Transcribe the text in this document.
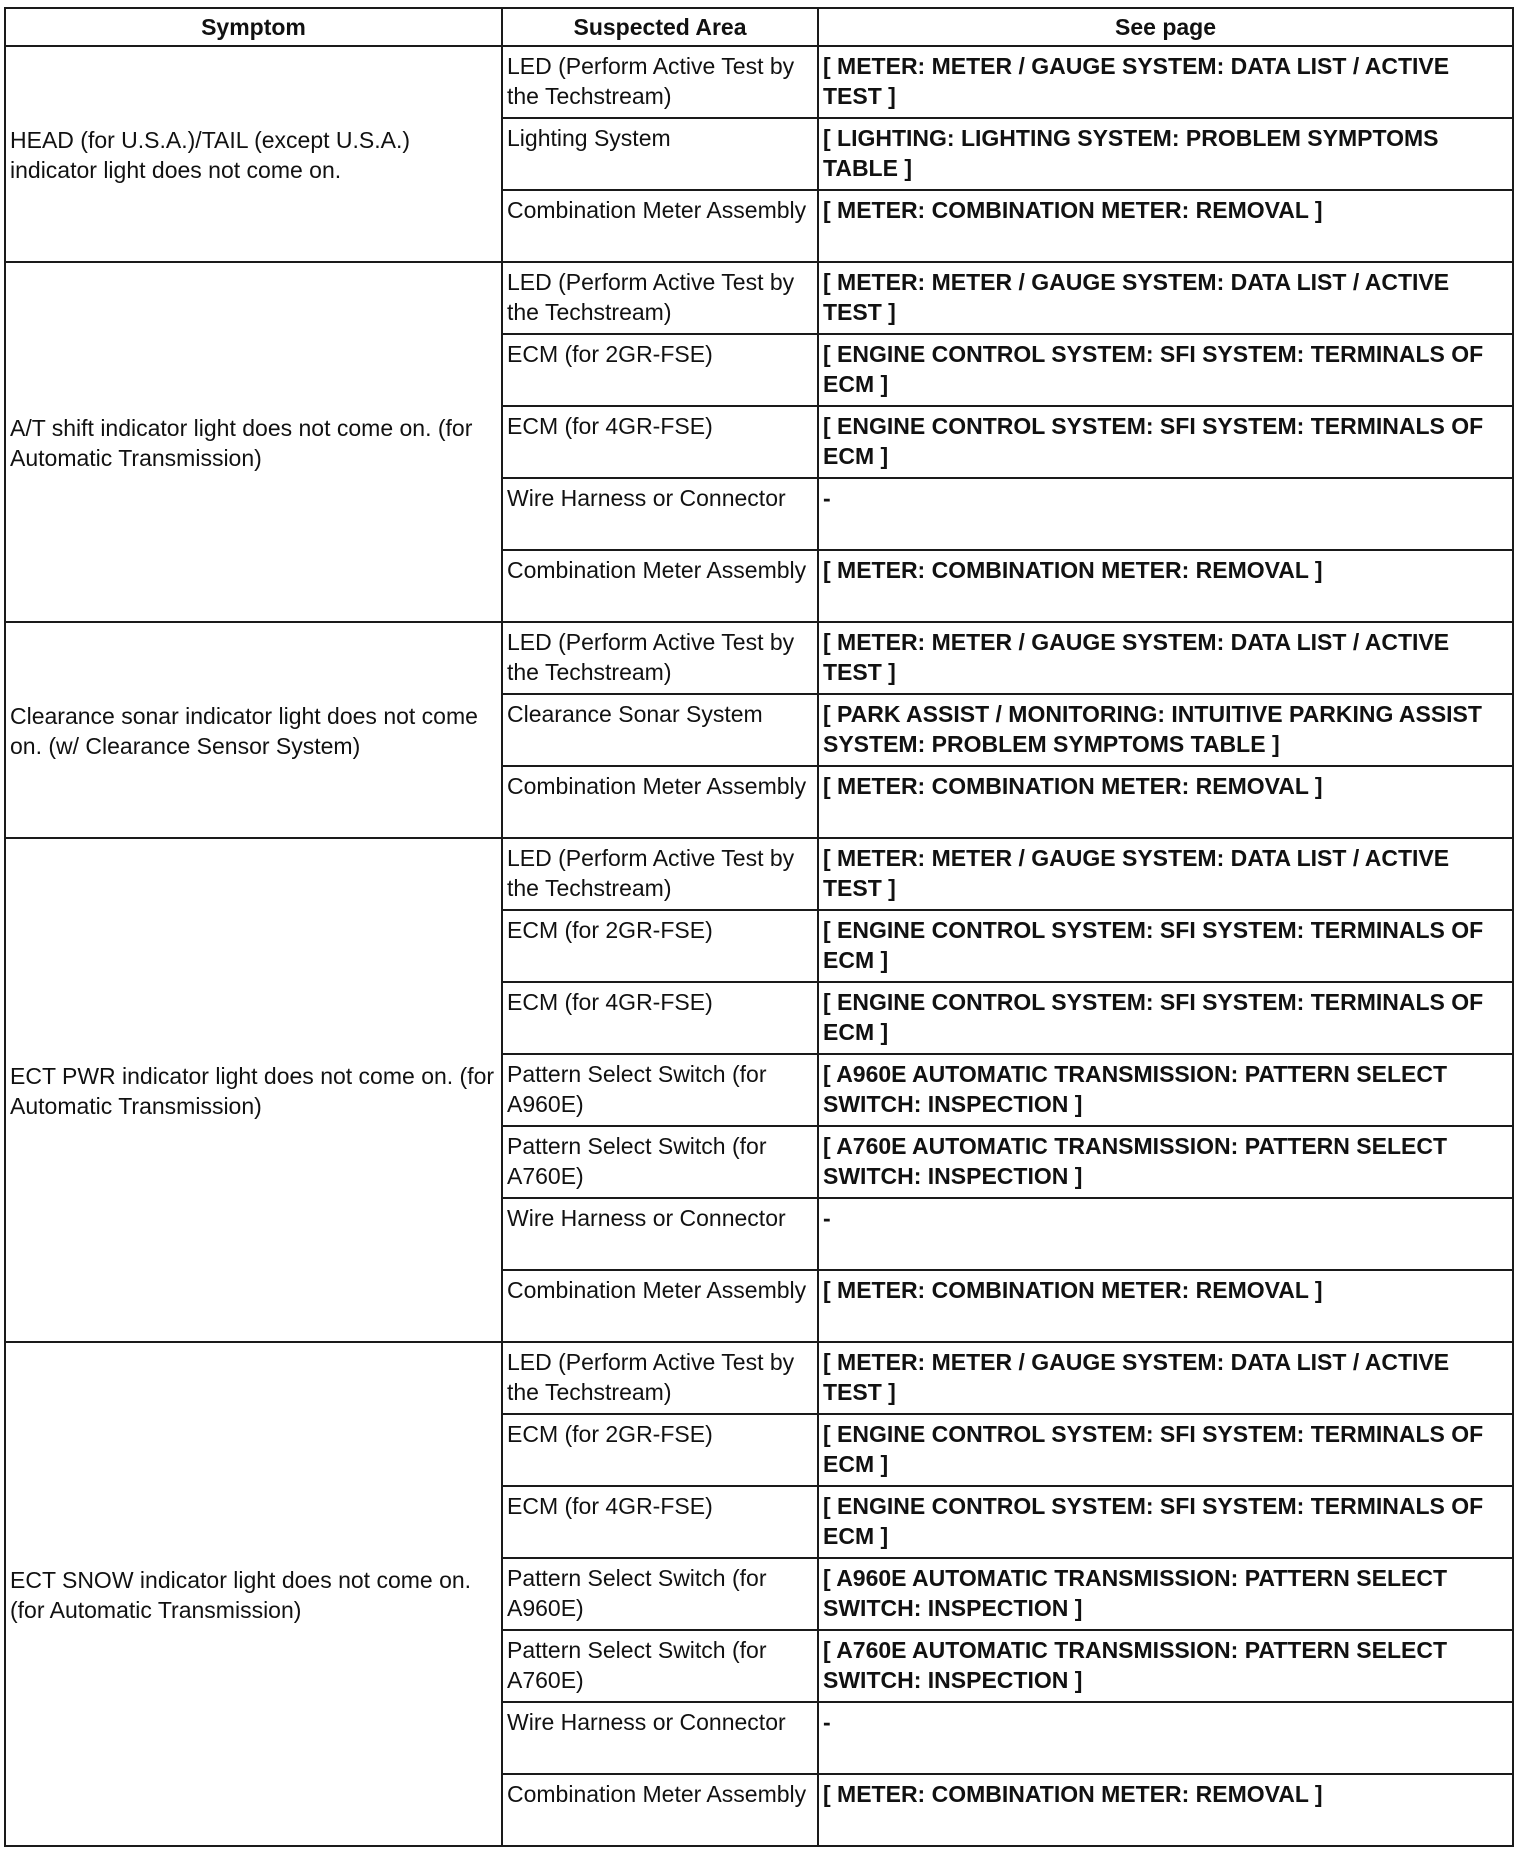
Symptom	Suspected Area	See page
HEAD (for U.S.A.)/TAIL (except U.S.A.) indicator light does not come on.	LED (Perform Active Test by the Techstream)	[ METER: METER / GAUGE SYSTEM: DATA LIST / ACTIVE TEST ]
	Lighting System	[ LIGHTING: LIGHTING SYSTEM: PROBLEM SYMPTOMS TABLE ]
	Combination Meter Assembly	[ METER: COMBINATION METER: REMOVAL ]
A/T shift indicator light does not come on. (for Automatic Transmission)	LED (Perform Active Test by the Techstream)	[ METER: METER / GAUGE SYSTEM: DATA LIST / ACTIVE TEST ]
	ECM (for 2GR-FSE)	[ ENGINE CONTROL SYSTEM: SFI SYSTEM: TERMINALS OF ECM ]
	ECM (for 4GR-FSE)	[ ENGINE CONTROL SYSTEM: SFI SYSTEM: TERMINALS OF ECM ]
	Wire Harness or Connector	-
	Combination Meter Assembly	[ METER: COMBINATION METER: REMOVAL ]
Clearance sonar indicator light does not come on. (w/ Clearance Sensor System)	LED (Perform Active Test by the Techstream)	[ METER: METER / GAUGE SYSTEM: DATA LIST / ACTIVE TEST ]
	Clearance Sonar System	[ PARK ASSIST / MONITORING: INTUITIVE PARKING ASSIST SYSTEM: PROBLEM SYMPTOMS TABLE ]
	Combination Meter Assembly	[ METER: COMBINATION METER: REMOVAL ]
ECT PWR indicator light does not come on. (for Automatic Transmission)	LED (Perform Active Test by the Techstream)	[ METER: METER / GAUGE SYSTEM: DATA LIST / ACTIVE TEST ]
	ECM (for 2GR-FSE)	[ ENGINE CONTROL SYSTEM: SFI SYSTEM: TERMINALS OF ECM ]
	ECM (for 4GR-FSE)	[ ENGINE CONTROL SYSTEM: SFI SYSTEM: TERMINALS OF ECM ]
	Pattern Select Switch (for A960E)	[ A960E AUTOMATIC TRANSMISSION: PATTERN SELECT SWITCH: INSPECTION ]
	Pattern Select Switch (for A760E)	[ A760E AUTOMATIC TRANSMISSION: PATTERN SELECT SWITCH: INSPECTION ]
	Wire Harness or Connector	-
	Combination Meter Assembly	[ METER: COMBINATION METER: REMOVAL ]
ECT SNOW indicator light does not come on. (for Automatic Transmission)	LED (Perform Active Test by the Techstream)	[ METER: METER / GAUGE SYSTEM: DATA LIST / ACTIVE TEST ]
	ECM (for 2GR-FSE)	[ ENGINE CONTROL SYSTEM: SFI SYSTEM: TERMINALS OF ECM ]
	ECM (for 4GR-FSE)	[ ENGINE CONTROL SYSTEM: SFI SYSTEM: TERMINALS OF ECM ]
	Pattern Select Switch (for A960E)	[ A960E AUTOMATIC TRANSMISSION: PATTERN SELECT SWITCH: INSPECTION ]
	Pattern Select Switch (for A760E)	[ A760E AUTOMATIC TRANSMISSION: PATTERN SELECT SWITCH: INSPECTION ]
	Wire Harness or Connector	-
	Combination Meter Assembly	[ METER: COMBINATION METER: REMOVAL ]
